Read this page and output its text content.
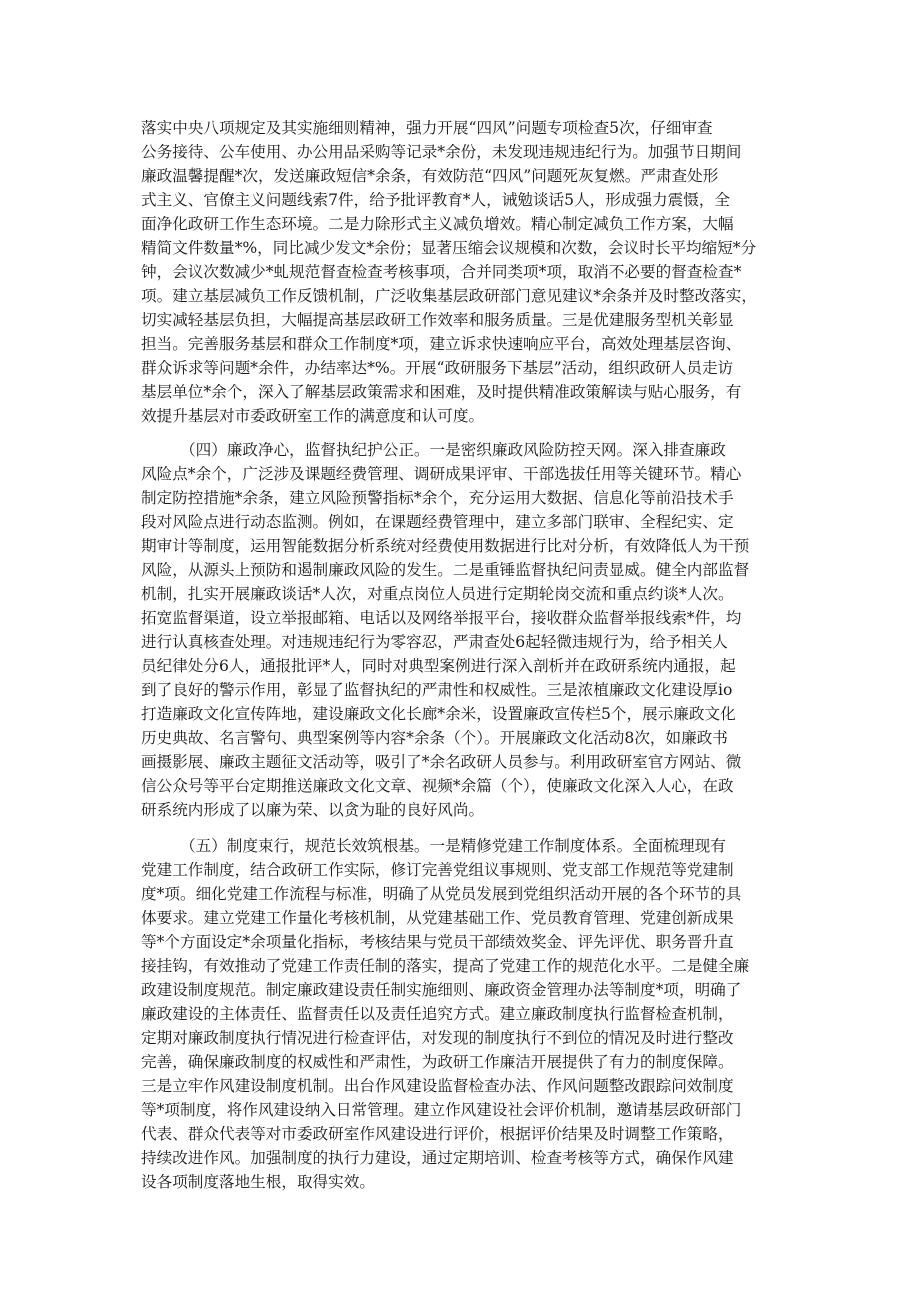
落实中央八项规定及其实施细则精神，强力开展“四风”问题专项检查5次，仔细审查
公务接待、公车使用、办公用品采购等记录*余份，未发现违规违纪行为。加强节日期间
廉政温馨提醒*次，发送廉政短信*余条，有效防范“四风”问题死灰复燃。严肃查处形
式主义、官僚主义问题线索7件，给予批评教育*人，诫勉谈话5人，形成强力震慑，全
面净化政研工作生态环境。二是力除形式主义减负增效。精心制定减负工作方案，大幅
精简文件数量*%，同比减少发文*余份；显著压缩会议规模和次数，会议时长平均缩短*分
钟，会议次数减少*虬规范督查检查考核事项，合并同类项*项，取消不必要的督查检查*
项。建立基层减负工作反馈机制，广泛收集基层政研部门意见建议*余条并及时整改落实，
切实减轻基层负担，大幅提高基层政研工作效率和服务质量。三是优建服务型机关彰显
担当。完善服务基层和群众工作制度*项，建立诉求快速响应平台，高效处理基层咨询、
群众诉求等问题*余件，办结率达*%。开展“政研服务下基层”活动，组织政研人员走访
基层单位*余个，深入了解基层政策需求和困难，及时提供精准政策解读与贴心服务，有
效提升基层对市委政研室工作的满意度和认可度。
（四）廉政净心，监督执纪护公正。一是密织廉政风险防控天网。深入排查廉政
风险点*余个，广泛涉及课题经费管理、调研成果评审、干部选拔任用等关键环节。精心
制定防控措施*余条，建立风险预警指标*余个，充分运用大数据、信息化等前沿技术手
段对风险点进行动态监测。例如，在课题经费管理中，建立多部门联审、全程纪实、定
期审计等制度，运用智能数据分析系统对经费使用数据进行比对分析，有效降低人为干预
风险，从源头上预防和遏制廉政风险的发生。二是重锤监督执纪问责显威。健全内部监督
机制，扎实开展廉政谈话*人次，对重点岗位人员进行定期轮岗交流和重点约谈*人次。
拓宽监督渠道，设立举报邮箱、电话以及网络举报平台，接收群众监督举报线索*件，均
进行认真核查处理。对违规违纪行为零容忍，严肃查处6起轻微违规行为，给予相关人
员纪律处分6人，通报批评*人，同时对典型案例进行深入剖析并在政研系统内通报，起
到了良好的警示作用，彰显了监督执纪的严肃性和权威性。三是浓植廉政文化建设厚io
打造廉政文化宣传阵地，建设廉政文化长廊*余米，设置廉政宣传栏5个，展示廉政文化
历史典故、名言警句、典型案例等内容*余条（个）。开展廉政文化活动8次，如廉政书
画摄影展、廉政主题征文活动等，吸引了*余名政研人员参与。利用政研室官方网站、微
信公众号等平台定期推送廉政文化文章、视频*余篇（个），使廉政文化深入人心，在政
研系统内形成了以廉为荣、以贪为耻的良好风尚。
（五）制度束行，规范长效筑根基。一是精修党建工作制度体系。全面梳理现有
党建工作制度，结合政研工作实际，修订完善党组议事规则、党支部工作规范等党建制
度*项。细化党建工作流程与标准，明确了从党员发展到党组织活动开展的各个环节的具
体要求。建立党建工作量化考核机制，从党建基础工作、党员教育管理、党建创新成果
等*个方面设定*余项量化指标，考核结果与党员干部绩效奖金、评先评优、职务晋升直
接挂钩，有效推动了党建工作责任制的落实，提高了党建工作的规范化水平。二是健全廉
政建设制度规范。制定廉政建设责任制实施细则、廉政资金管理办法等制度*项，明确了
廉政建设的主体责任、监督责任以及责任追究方式。建立廉政制度执行监督检查机制，
定期对廉政制度执行情况进行检查评估，对发现的制度执行不到位的情况及时进行整改
完善，确保廉政制度的权威性和严肃性，为政研工作廉洁开展提供了有力的制度保障。
三是立牢作风建设制度机制。出台作风建设监督检查办法、作风问题整改跟踪问效制度
等*项制度，将作风建设纳入日常管理。建立作风建设社会评价机制，邀请基层政研部门
代表、群众代表等对市委政研室作风建设进行评价，根据评价结果及时调整工作策略，
持续改进作风。加强制度的执行力建设，通过定期培训、检查考核等方式，确保作风建
设各项制度落地生根，取得实效。
